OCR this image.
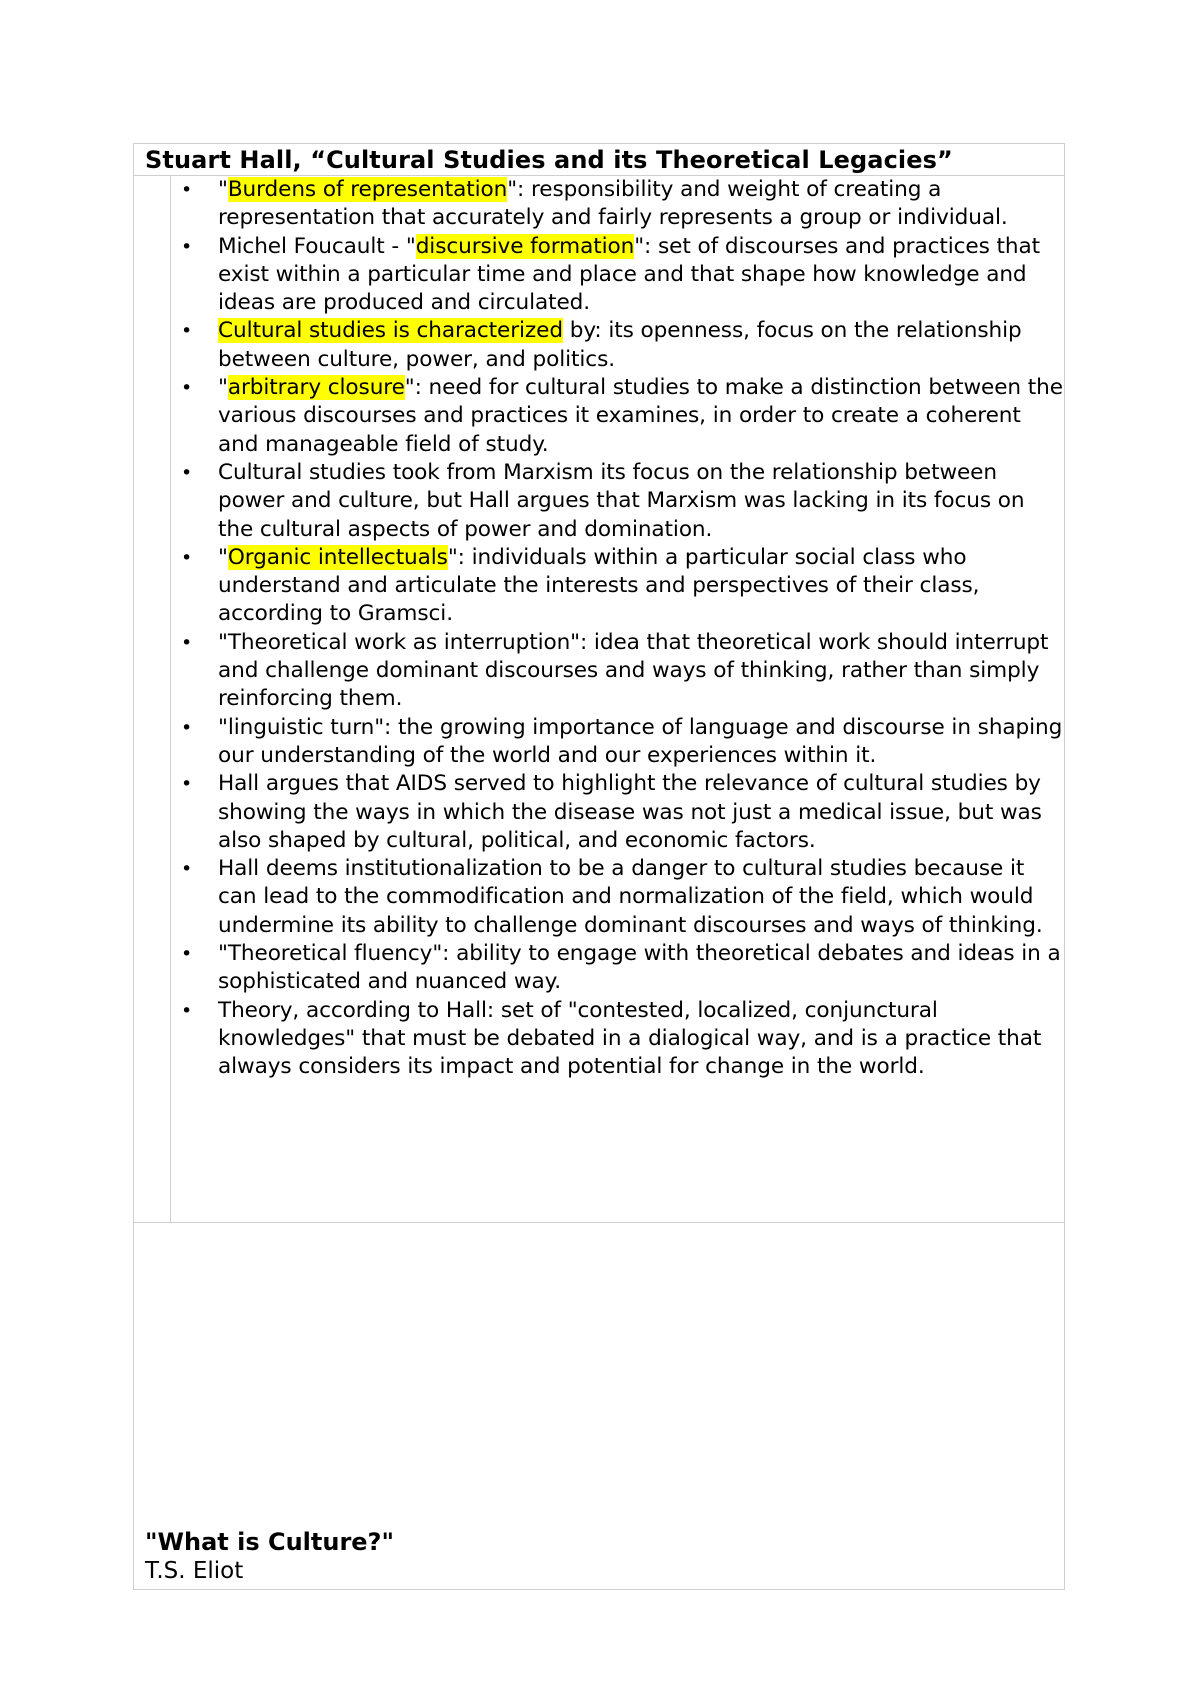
Stuart Hall, “Cultural Studies and its Theoretical Legacies”
• "Burdens of representation": responsibility and weight of creating a representation that accurately and fairly represents a group or individual.
• Michel Foucault - "discursive formation": set of discourses and practices that exist within a particular time and place and that shape how knowledge and ideas are produced and circulated.
• Cultural studies is characterized by: its openness, focus on the relationship between culture, power, and politics.
• "arbitrary closure": need for cultural studies to make a distinction between the various discourses and practices it examines, in order to create a coherent and manageable field of study.
• Cultural studies took from Marxism its focus on the relationship between power and culture, but Hall argues that Marxism was lacking in its focus on the cultural aspects of power and domination.
• "Organic intellectuals": individuals within a particular social class who understand and articulate the interests and perspectives of their class, according to Gramsci.
• "Theoretical work as interruption": idea that theoretical work should interrupt and challenge dominant discourses and ways of thinking, rather than simply reinforcing them.
• "linguistic turn": the growing importance of language and discourse in shaping our understanding of the world and our experiences within it.
• Hall argues that AIDS served to highlight the relevance of cultural studies by showing the ways in which the disease was not just a medical issue, but was also shaped by cultural, political, and economic factors.
• Hall deems institutionalization to be a danger to cultural studies because it can lead to the commodification and normalization of the field, which would undermine its ability to challenge dominant discourses and ways of thinking.
• "Theoretical fluency": ability to engage with theoretical debates and ideas in a sophisticated and nuanced way.
• Theory, according to Hall: set of "contested, localized, conjunctural knowledges" that must be debated in a dialogical way, and is a practice that always considers its impact and potential for change in the world.
"What is Culture?"
T.S. Eliot
